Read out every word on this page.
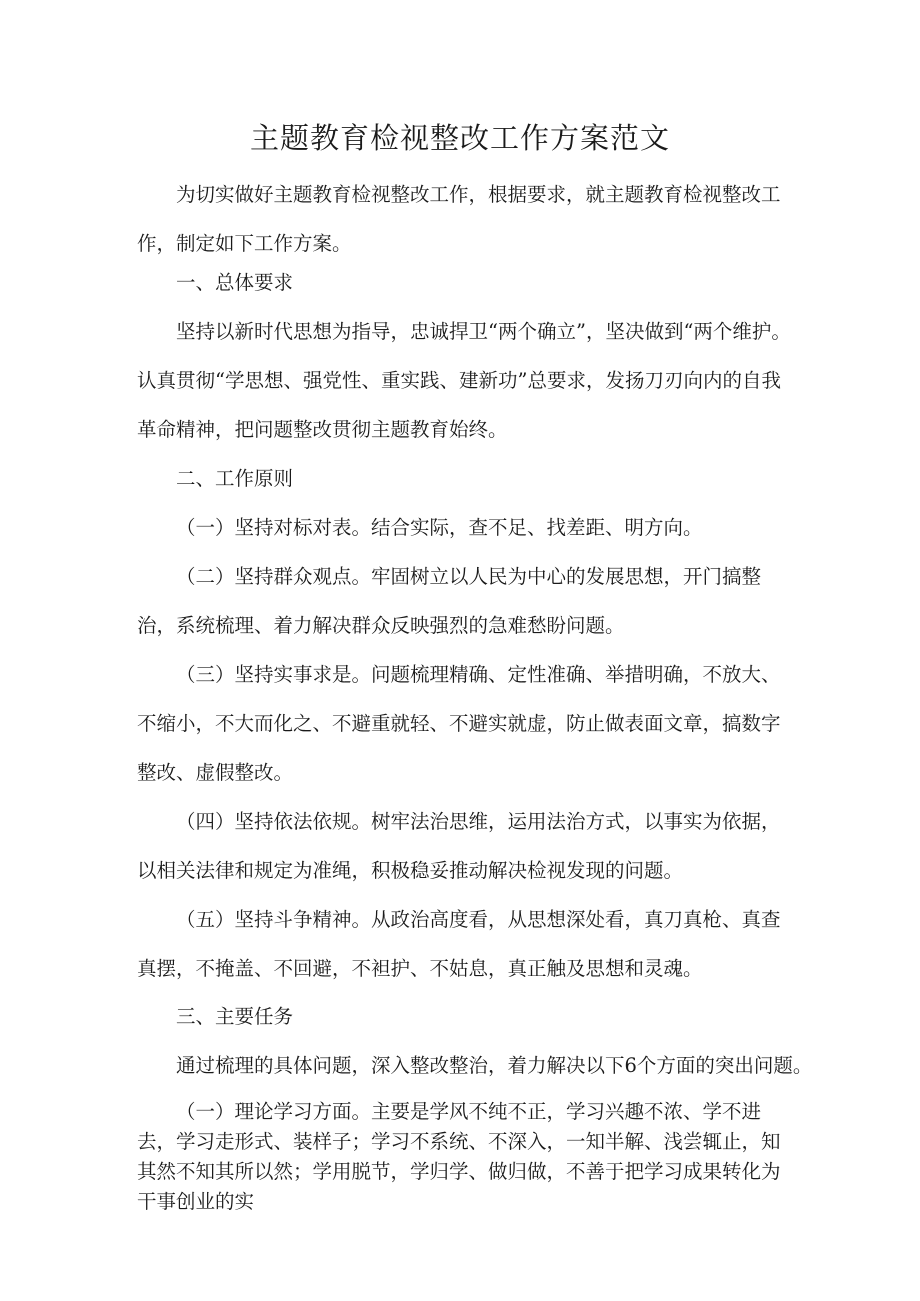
主题教育检视整改工作方案范文

为切实做好主题教育检视整改工作，根据要求，就主题教育检视整改工作，制定如下工作方案。

一、总体要求

坚持以新时代思想为指导，忠诚捍卫“两个确立”，坚决做到“两个维护。认真贯彻“学思想、强党性、重实践、建新功”总要求，发扬刀刃向内的自我革命精神，把问题整改贯彻主题教育始终。

二、工作原则

（一）坚持对标对表。结合实际，查不足、找差距、明方向。

（二）坚持群众观点。牢固树立以人民为中心的发展思想，开门搞整治，系统梳理、着力解决群众反映强烈的急难愁盼问题。

（三）坚持实事求是。问题梳理精确、定性准确、举措明确，不放大、不缩小，不大而化之、不避重就轻、不避实就虚，防止做表面文章，搞数字整改、虚假整改。

（四）坚持依法依规。树牢法治思维，运用法治方式，以事实为依据，以相关法律和规定为准绳，积极稳妥推动解决检视发现的问题。

（五）坚持斗争精神。从政治高度看，从思想深处看，真刀真枪、真查真摆，不掩盖、不回避，不袒护、不姑息，真正触及思想和灵魂。

三、主要任务

通过梳理的具体问题，深入整改整治，着力解决以下6个方面的突出问题。

（一）理论学习方面。主要是学风不纯不正，学习兴趣不浓、学不进去，学习走形式、装样子；学习不系统、不深入，一知半解、浅尝辄止，知其然不知其所以然；学用脱节，学归学、做归做，不善于把学习成果转化为干事创业的实
